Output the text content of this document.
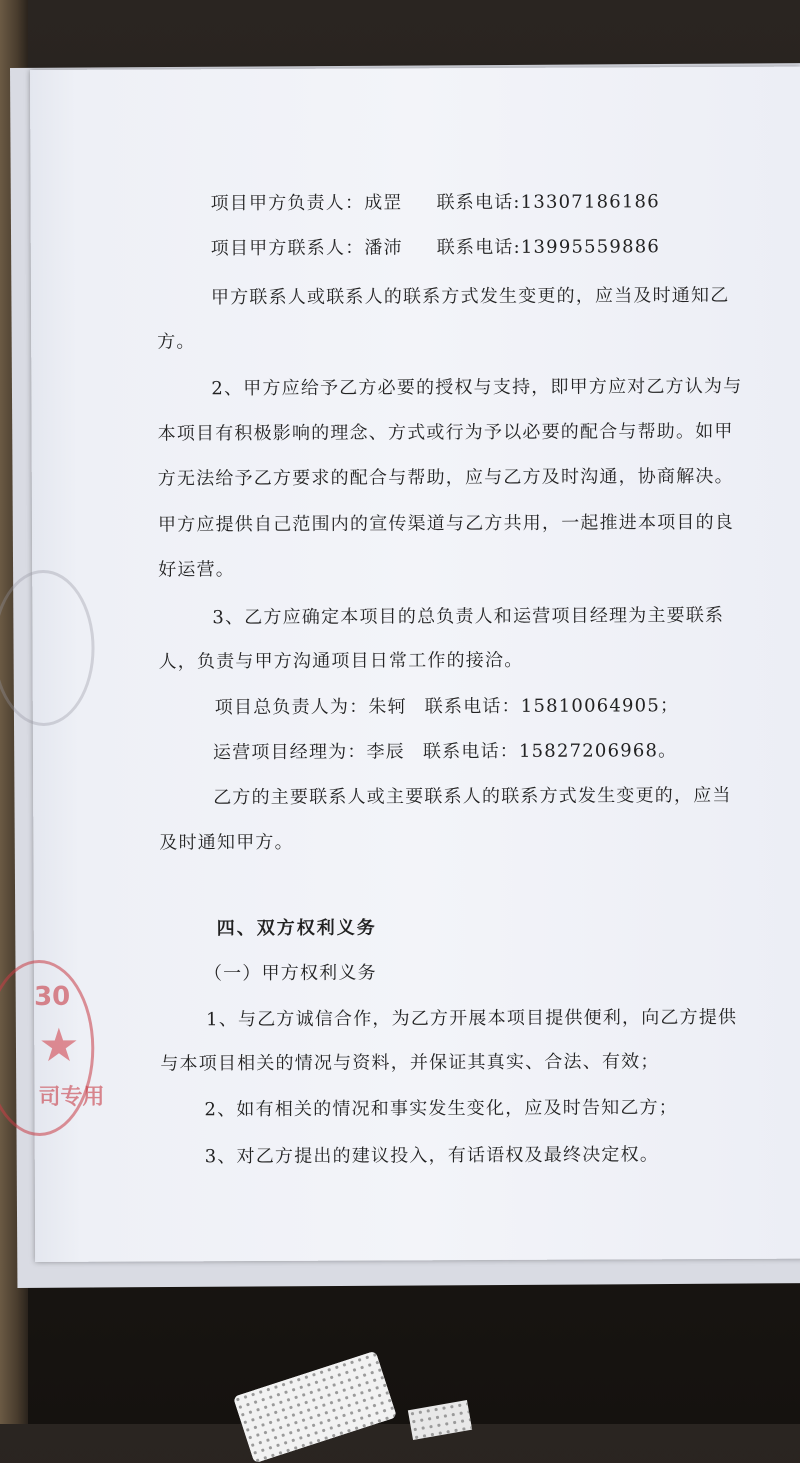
项目甲方负责人：成罡 联系电话:13307186186
项目甲方联系人：潘沛 联系电话:13995559886
甲方联系人或联系人的联系方式发生变更的，应当及时通知乙
方。
2、甲方应给予乙方必要的授权与支持，即甲方应对乙方认为与
本项目有积极影响的理念、方式或行为予以必要的配合与帮助。如甲
方无法给予乙方要求的配合与帮助，应与乙方及时沟通，协商解决。
甲方应提供自己范围内的宣传渠道与乙方共用，一起推进本项目的良
好运营。
3、乙方应确定本项目的总负责人和运营项目经理为主要联系
人，负责与甲方沟通项目日常工作的接洽。
项目总负责人为：朱轲 联系电话：15810064905；
运营项目经理为：李辰 联系电话：15827206968。
乙方的主要联系人或主要联系人的联系方式发生变更的，应当
及时通知甲方。
四、双方权利义务
（一）甲方权利义务
1、与乙方诚信合作，为乙方开展本项目提供便利，向乙方提供
与本项目相关的情况与资料，并保证其真实、合法、有效；
2、如有相关的情况和事实发生变化，应及时告知乙方；
3、对乙方提出的建议投入，有话语权及最终决定权。
30
★
司专用
